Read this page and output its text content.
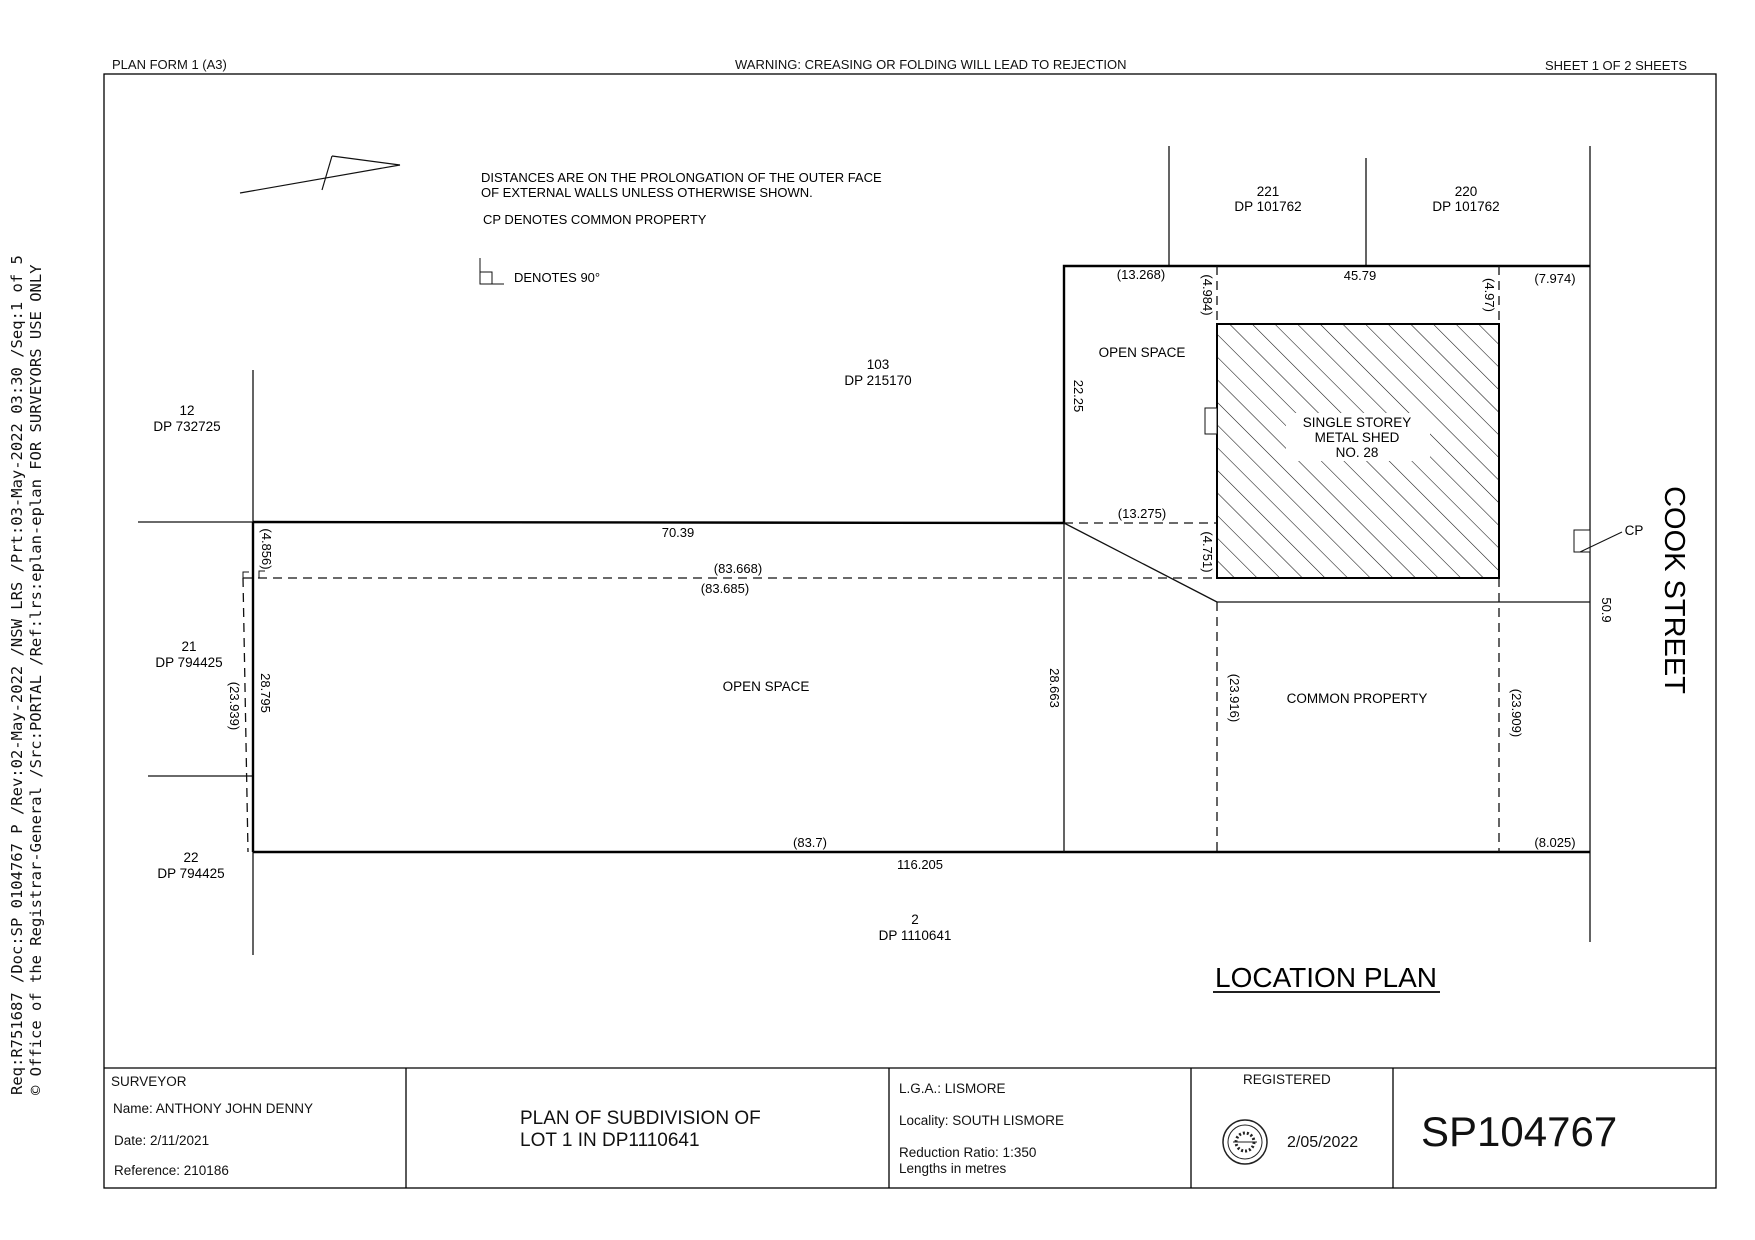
PLAN FORM 1 (A3)	WARNING: CREASING OR FOLDING WILL LEAD TO REJECTION	SHEET 1 OF 2 SHEETS
Req:R751687 /Doc:SP 0104767 P /Rev:02-May-2022 /NSW LRS /Prt:03-May-2022 03:30 /Seq:1 of 5 © Office of the Registrar-General /Src:PORTAL /Ref:lrs:eplan-eplan FOR SURVEYORS USE ONLY
DISTANCES ARE ON THE PROLONGATION OF THE OUTER FACE
OF EXTERNAL WALLS UNLESS OTHERWISE SHOWN.
CP DENOTES COMMON PROPERTY
DENOTES 90°
103
DP 215170
12
DP 732725
21
DP 794425
22
DP 794425
221
DP 101762
220
DP 101762
2
DP 1110641
OPEN SPACE
OPEN SPACE
COMMON PROPERTY
SINGLE STOREY
METAL SHED
NO. 28
CP COOK STREET
(13.268)	45.79	(7.974)
(13.275)
70.39
(83.668)
(83.685)
(83.7)
116.205
(8.025)
(4.984)	(4.97)
22.25
(4.751)
(4.856)
50.9
28.795
(23.939)	28.663	(23.916)	(23.909)
LOCATION PLAN
SURVEYOR
Name: ANTHONY JOHN DENNY
Date: 2/11/2021
Reference: 210186
PLAN OF SUBDIVISION OF
LOT 1 IN DP1110641
L.G.A.: LISMORE
Locality: SOUTH LISMORE
Reduction Ratio: 1:350
Lengths in metres
REGISTERED
2/05/2022 SP104767
